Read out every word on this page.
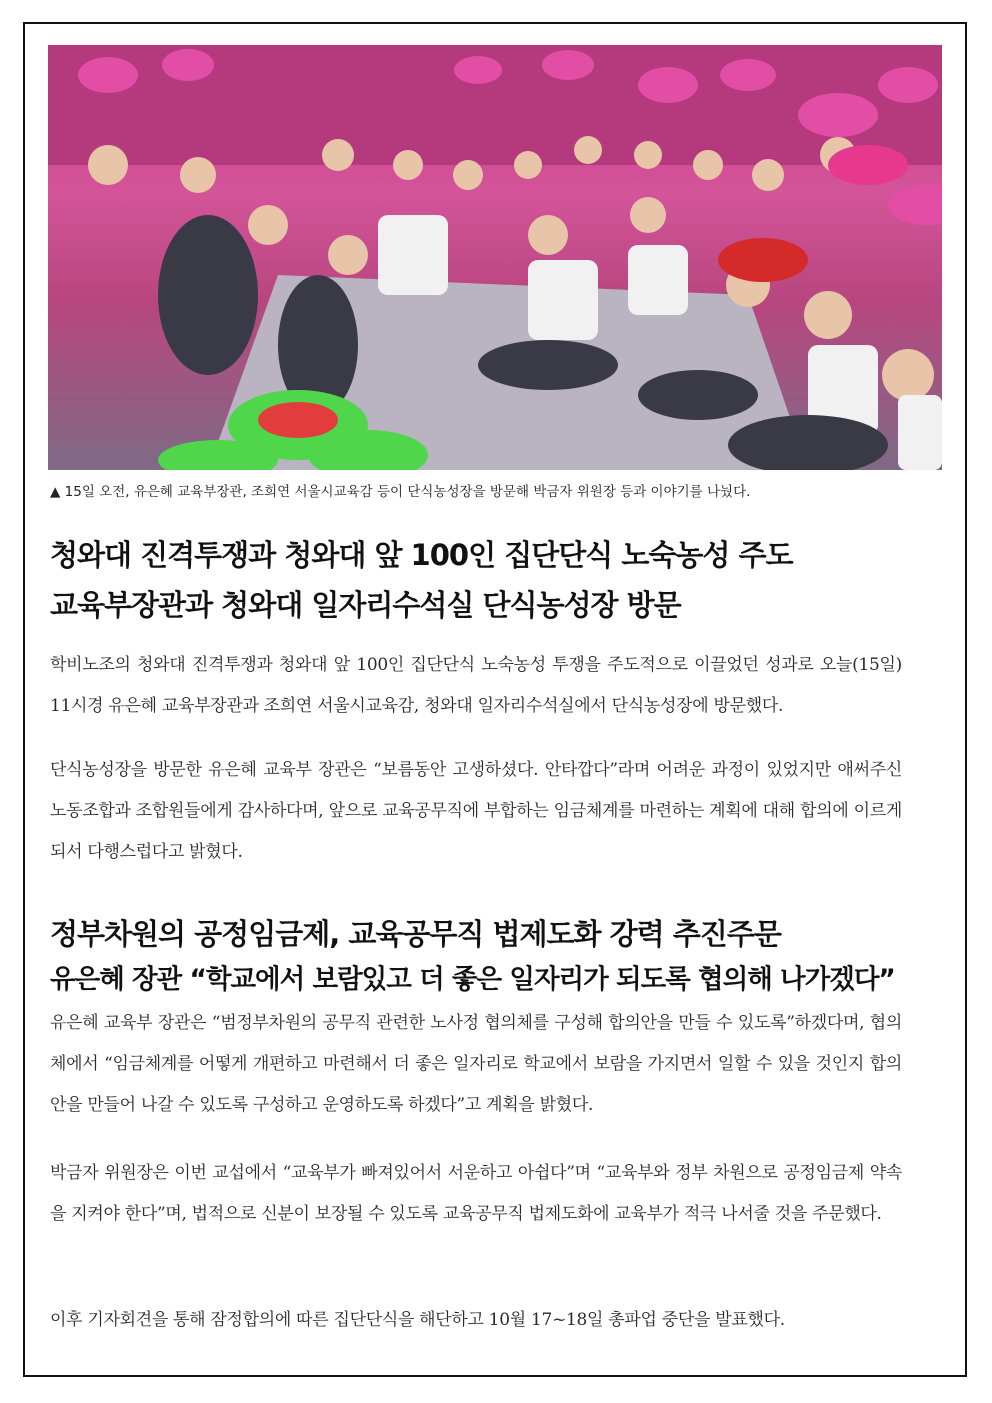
▲ 15일 오전, 유은혜 교육부장관, 조희연 서울시교육감 등이 단식농성장을 방문해 박금자 위원장 등과 이야기를 나눴다.
청와대 진격투쟁과 청와대 앞 100인 집단단식 노숙농성 주도
교육부장관과 청와대 일자리수석실 단식농성장 방문

학비노조의 청와대 진격투쟁과 청와대 앞 100인 집단단식 노숙농성 투쟁을 주도적으로 이끌었던 성과로 오늘(15일) 11시경 유은혜 교육부장관과 조희연 서울시교육감, 청와대 일자리수석실에서 단식농성장에 방문했다.

단식농성장을 방문한 유은혜 교육부 장관은 “보름동안 고생하셨다. 안타깝다”라며 어려운 과정이 있었지만 애써주신 노동조합과 조합원들에게 감사하다며, 앞으로 교육공무직에 부합하는 임금체계를 마련하는 계획에 대해 합의에 이르게 되서 다행스럽다고 밝혔다.

정부차원의 공정임금제, 교육공무직 법제도화 강력 추진주문
유은혜 장관 “학교에서 보람있고 더 좋은 일자리가 되도록 협의해 나가겠다”

유은혜 교육부 장관은 “범정부차원의 공무직 관련한 노사정 협의체를 구성해 합의안을 만들 수 있도록”하겠다며, 협의체에서 “임금체계를 어떻게 개편하고 마련해서 더 좋은 일자리로 학교에서 보람을 가지면서 일할 수 있을 것인지 합의안을 만들어 나갈 수 있도록 구성하고 운영하도록 하겠다”고 계획을 밝혔다.

박금자 위원장은 이번 교섭에서 “교육부가 빠져있어서 서운하고 아쉽다”며 “교육부와 정부 차원으로 공정임금제 약속을 지켜야 한다”며, 법적으로 신분이 보장될 수 있도록 교육공무직 법제도화에 교육부가 적극 나서줄 것을 주문했다.

이후 기자회견을 통해 잠정합의에 따른 집단단식을 해단하고 10월 17~18일 총파업 중단을 발표했다.
